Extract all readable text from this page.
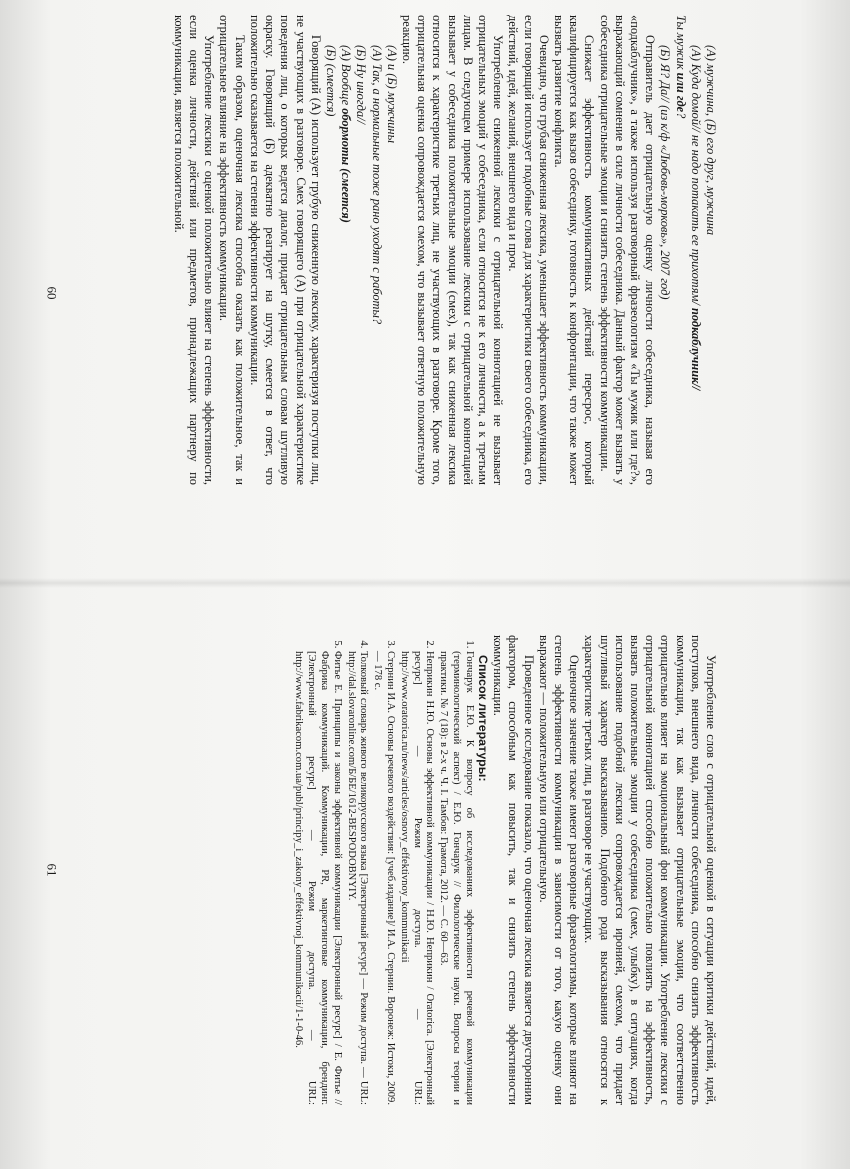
(А) мужчина, (Б) его друг, мужчина

(А) Куда домой// не надо потакать ее прихотям/ подкаблучник//

Ты мужик или где?

(Б) Я? Да// (из к/ф «Любовь-морковь», 2007 год)

Отправитель дает отрицательную оценку личности собеседника, называя его «подкаблучник», а также используя разговорный фразеологизм «Ты мужик или где?», выражающий сомнение в силе личности собеседника. Данный фактор может вызвать у собеседника отрицательные эмоции и снизить степень эффективности коммуникации.

Снижает эффективность коммуникативных действий пересрос, который квалифицируется как вызов собеседнику, готовность к конфронтации, что также может вызвать развитие конфликта.

Очевидно, что грубая сниженная лексика, уменьшает эффективность коммуникации, если говорящий использует подобные слова для характеристики своего собеседника, его действий, идей, желаний, внешнего вида и проч.

Употребление сниженной лексики с отрицательной коннотацией не вызывает отрицательных эмоций у собеседника, если относится не к его личности, а к третьим лицам. В следующем примере использование лексики с отрицательной коннотацией вызывает у собеседника положительные эмоции (смех), так как сниженная лексика относится к характеристике третьих лиц, не участвующих в разговоре. Кроме того, отрицательная оценка сопровождается смехом, что вызывает ответную положительную реакцию.

(А) и (Б) мужчины

(А) Так, а нормальные тоже рано уходят с работы?

(Б) Ну иногда//

(А) Вообще обормоты (смеется)

(Б) (смеется)

Говорящий (А) использует грубую сниженную лексику, характеризуя поступки лиц, не участвующих в разговоре. Смех говорящего (А) при отрицательной характеристике поведения лиц, о которых ведется диалог, придает отрицательным словам шутливую окраску. Говорящий (Б) адекватно реагирует на шутку, смеется в ответ, что положительно сказывается на степени эффективности коммуникации.

Таким образом, оценочная лексика способна оказать как положительное, так и отрицательное влияние на эффективность коммуникации.

Употребление лексики с оценкой положительно влияет на степень эффективности, если оценка личности, действий или предметов, принадлежащих партнеру по коммуникации, является положительной.

60

Употребление слов с отрицательной оценкой в ситуации критики действий, идей, поступков, внешнего вида, личности собеседника, способно снизить эффективность коммуникации, так как вызывает отрицательные эмоции, что соответственно отрицательно влияет на эмоциональный фон коммуникации. Употребление лексики с отрицательной коннотацией способно положительно повлиять на эффективность, вызвать положительные эмоции у собеседника (смех, улыбку), в ситуациях, когда использование подобной лексики сопровождается иронией, смехом, что придает шутливый характер высказыванию. Подобного рода высказывания относятся к характеристике третьих лиц, в разговоре не участвующих.

Оценочное значение также имеют разговорные фразеологизмы, которые влияют на степень эффективности коммуникации в зависимости от того, какую оценку они выражают — положительную или отрицательную.

Проведенное исследование показало, что оценочная лексика является двусторонним фактором, способным как повысить, так и снизить степень эффективности коммуникации.

Список литературы:

1. Гончарук Е.Ю. К вопросу об исследованиях эффективности речевой коммуникации (терминологический аспект) / Е.Ю. Гончарук // Филологические науки. Вопросы теории и практики. № 7 (18): в 2-х ч. Ч. I. Тамбов: Грамота, 2012. — С. 60—63.
2. Неприкин Н.Ю. Основы эффективной коммуникации / Н.Ю. Неприкин / Oratorica. [Электронный ресурс] — Режим доступа. — URL: http://www.oratorica.ru/news/articles/osnovy_effektivnoy_kommunikacii
3. Стернин И.А. Основы речевого воздействия: [учеб.издание]/ И.А. Стернин. Воронеж: Истоки, 2009. — 178 с.
4. Толковый словарь живого великорусского языка [Электронный ресурс] — Режим доступа. — URL: http://dal.slovaronline.com/Б/БЕ/1612-BESPODOBNYIY.
5. Фитье Е. Принципы и законы эффективной коммуникации [Электронный ресурс] / Е. Фитье // Фабрика коммуникаций. Коммуникации, PR, маркетинговые коммуникации, брендинг. [Электронный ресурс] — Режим доступа. — URL: http://www.fabrikacom.com.ua/publ/principy_i_zakony_effektivnoj_kommunikacii/1-1-0-46.
61
